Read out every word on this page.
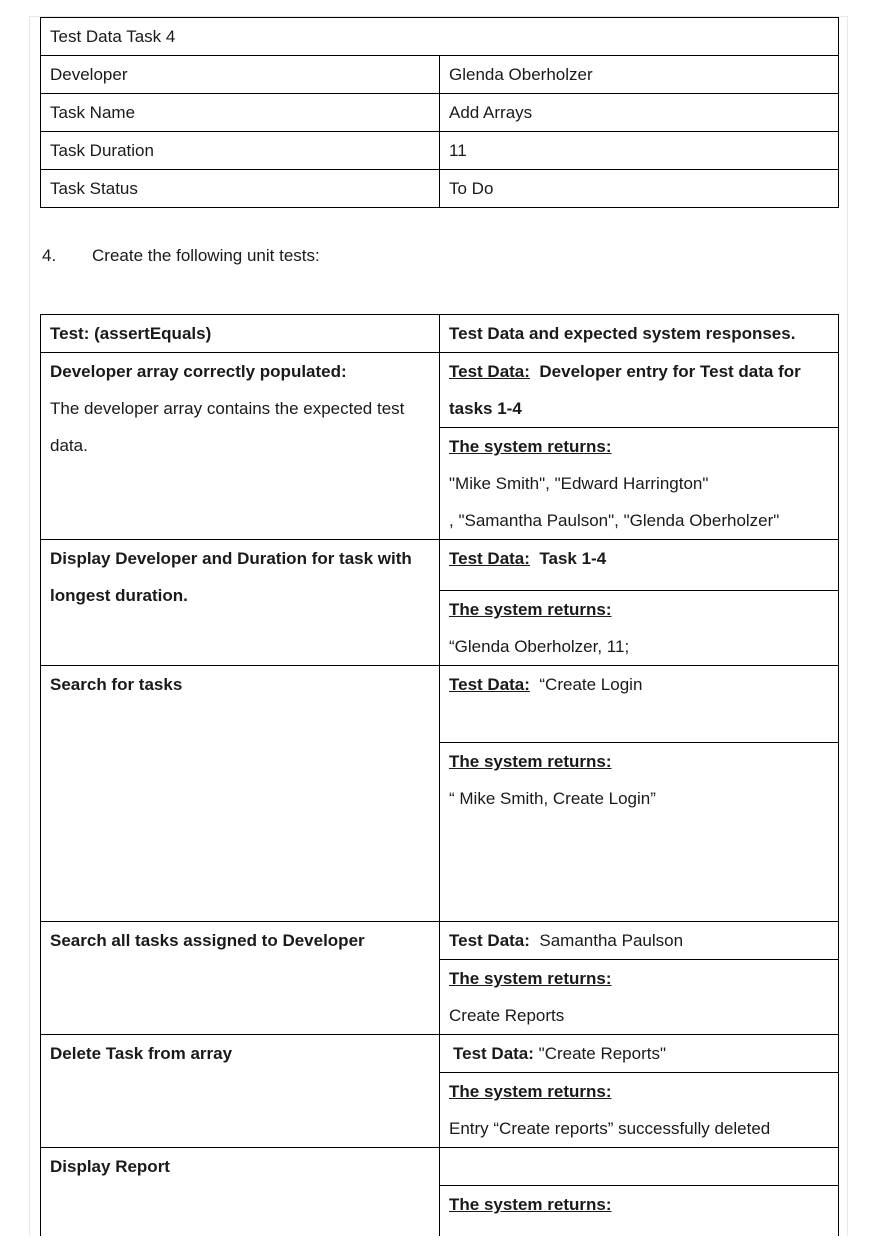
Test Data Task 4	
Developer	Glenda Oberholzer
Task Name	Add Arrays
Task Duration	11
Task Status	To Do
4. Create the following unit tests:
Test: (assertEquals)	Test Data and expected system responses.

Developer array correctly populated:
The developer array contains the expected test data.	Test Data: Developer entry for Test data for tasks 1-4

	The system returns:
"Mike Smith", "Edward Harrington"
, "Samantha Paulson", "Glenda Oberholzer"

Display Developer and Duration for task with longest duration.	Test Data: Task 1-4

	The system returns:
“Glenda Oberholzer, 11;

Search for tasks	Test Data: “Create Login

	The system returns:
“ Mike Smith, Create Login”

Search all tasks assigned to Developer	Test Data: Samantha Paulson

	The system returns:
Create Reports

Delete Task from array	Test Data: "Create Reports"

	The system returns:
Entry “Create reports” successfully deleted

Display Report	

	The system returns:
